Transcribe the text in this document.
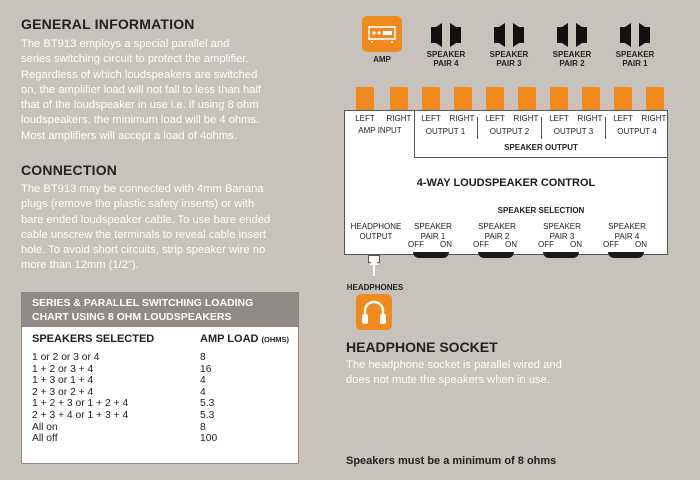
GENERAL INFORMATION

The BT913 employs a special parallel and

series switching circuit to protect the amplifier.

Regardless of which loudspeakers are switched

on, the amplifier load will not fall to less than half

that of the loudspeaker in use i.e. if using 8 ohm

loudspeakers, the minimum load will be 4 ohms.

Most amplifiers will accept a load of 4ohms.

CONNECTION

The BT913 may be connected with 4mm Banana

plugs (remove the plastic safety inserts) or with

bare ended loudspeaker cable. To use bare ended

cable unscrew the terminals to reveal cable insert

hole. To avoid short circuits, strip speaker wire no

more than 12mm (1/2").

SERIES & PARALLEL SWITCHING LOADING
CHART USING 8 OHM LOUDSPEAKERS
SPEAKERS SELECTED	AMP LOAD (OHMS)
1 or 2 or 3 or 4	8
1 + 2 or 3 + 4	16
1 + 3 or 1 + 4	4
2 + 3 or 2 + 4	4
1 + 2 + 3 or 1 + 2 + 4	5.3
2 + 3 + 4 or 1 + 3 + 4	5.3
All on	8
All off	100
AMP
SPEAKER PAIR 4
SPEAKER PAIR 3
SPEAKER PAIR 2
SPEAKER PAIR 1
LEFT	RIGHT	LEFT	RIGHT	LEFT	RIGHT	LEFT	RIGHT	LEFT	RIGHT
AMP INPUT	OUTPUT 1	OUTPUT 2	OUTPUT 3	OUTPUT 4
SPEAKER OUTPUT
4-WAY LOUDSPEAKER CONTROL
SPEAKER SELECTION
HEADPHONE OUTPUT
SPEAKER PAIR 1
SPEAKER PAIR 2
SPEAKER PAIR 3
SPEAKER PAIR 4
OFF	ON	OFF	ON	OFF	ON	OFF	ON
HEADPHONES
HEADPHONE SOCKET
The headphone socket is parallel wired and
does not mute the speakers when in use.
Speakers must be a minimum of 8 ohms
